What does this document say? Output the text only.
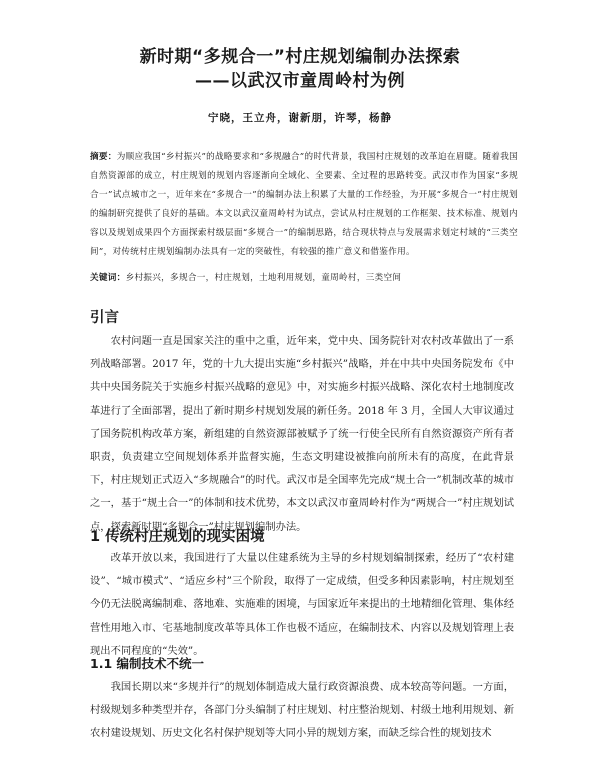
新时期“多规合一”村庄规划编制办法探索
——以武汉市童周岭村为例
宁晓，王立舟，谢新朋，许琴，杨静
摘要：为顺应我国“乡村振兴”的战略要求和“多规融合”的时代背景，我国村庄规划的改革迫在眉睫。随着我国自然资源部的成立，村庄规划的规划内容逐渐向全域化、全要素、全过程的思路转变。武汉市作为国家“多规合一”试点城市之一，近年来在“多规合一”的编制办法上积累了大量的工作经验，为开展“多规合一”村庄规划的编制研究提供了良好的基础。本文以武汉童周岭村为试点，尝试从村庄规划的工作框架、技术标准、规划内容以及规划成果四个方面探索村级层面“多规合一”的编制思路，结合现状特点与发展需求划定村域的“三类空间”，对传统村庄规划编制办法具有一定的突破性，有较强的推广意义和借鉴作用。
关键词：乡村振兴，多规合一，村庄规划，土地利用规划，童周岭村，三类空间
引言
农村问题一直是国家关注的重中之重，近年来，党中央、国务院针对农村改革做出了一系列战略部署。2017 年，党的十九大提出实施“乡村振兴”战略，并在中共中央国务院发布《中共中央国务院关于实施乡村振兴战略的意见》中，对实施乡村振兴战略、深化农村土地制度改革进行了全面部署，提出了新时期乡村规划发展的新任务。2018 年 3 月，全国人大审议通过了国务院机构改革方案，新组建的自然资源部被赋予了统一行使全民所有自然资源资产所有者职责，负责建立空间规划体系并监督实施，生态文明建设被推向前所未有的高度，在此背景下，村庄规划正式迈入“多规融合”的时代。武汉市是全国率先完成“规土合一”机制改革的城市之一，基于“规土合一”的体制和技术优势，本文以武汉市童周岭村作为“两规合一”村庄规划试点，探索新时期“多规合一”村庄规划编制办法。
1 传统村庄规划的现实困境
改革开放以来，我国进行了大量以住建系统为主导的乡村规划编制探索，经历了“农村建设”、“城市模式”、“适应乡村”三个阶段，取得了一定成绩，但受多种因素影响，村庄规划至今仍无法脱离编制难、落地难、实施难的困境，与国家近年来提出的土地精细化管理、集体经营性用地入市、宅基地制度改革等具体工作也极不适应，在编制技术、内容以及规划管理上表现出不同程度的“失效”。
1.1 编制技术不统一
我国长期以来“多规并行”的规划体制造成大量行政资源浪费、成本较高等问题。一方面，村级规划多种类型并存，各部门分头编制了村庄规划、村庄整治规划、村级土地利用规划、新农村建设规划、历史文化名村保护规划等大同小异的规划方案，而缺乏综合性的规划技术
